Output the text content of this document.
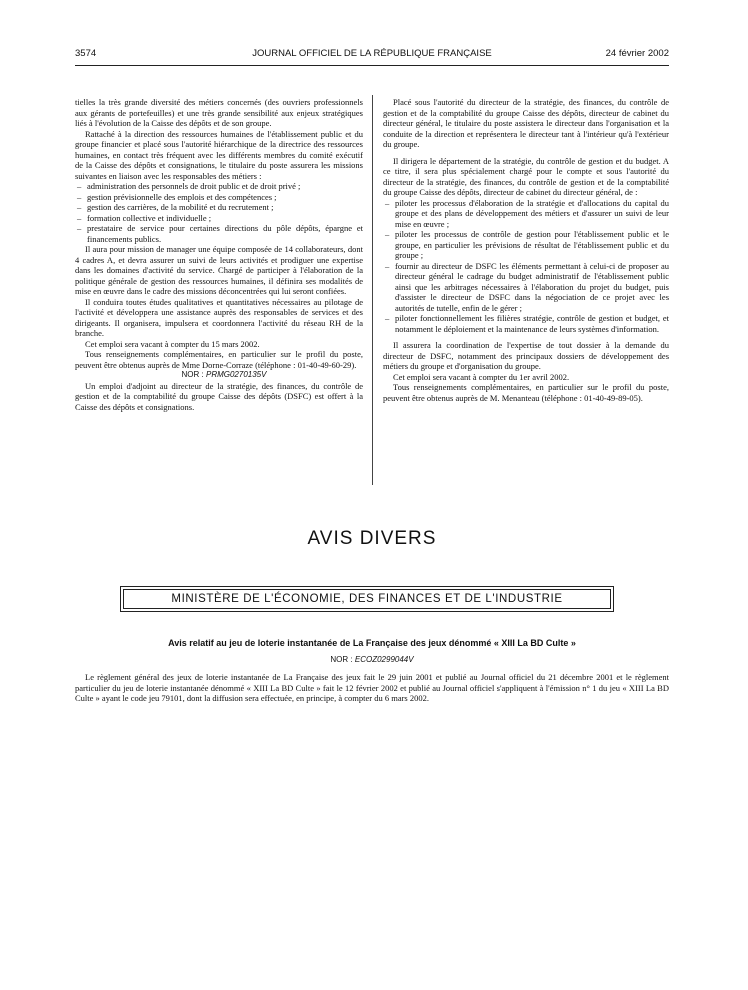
3574	JOURNAL OFFICIEL DE LA RÉPUBLIQUE FRANÇAISE	24 février 2002

tielles la très grande diversité des métiers concernés (des ouvriers professionnels aux gérants de portefeuilles) et une très grande sensibilité aux enjeux stratégiques liés à l'évolution de la Caisse des dépôts et de son groupe.

Rattaché à la direction des ressources humaines de l'établissement public et du groupe financier et placé sous l'autorité hiérarchique de la directrice des ressources humaines, en contact très fréquent avec les différents membres du comité exécutif de la Caisse des dépôts et consignations, le titulaire du poste assurera les missions suivantes en liaison avec les responsables des métiers :

– administration des personnels de droit public et de droit privé ;
– gestion prévisionnelle des emplois et des compétences ;
– gestion des carrières, de la mobilité et du recrutement ;
– formation collective et individuelle ;
– prestataire de service pour certaines directions du pôle dépôts, épargne et financements publics.

Il aura pour mission de manager une équipe composée de 14 collaborateurs, dont 4 cadres A, et devra assurer un suivi de leurs activités et prodiguer une expertise dans les domaines d'activité du service. Chargé de participer à l'élaboration de la politique générale de gestion des ressources humaines, il définira ses modalités de mise en œuvre dans le cadre des missions déconcentrées qui lui seront confiées.

Il conduira toutes études qualitatives et quantitatives nécessaires au pilotage de l'activité et développera une assistance auprès des responsables de services et des dirigeants. Il organisera, impulsera et coordonnera l'activité du réseau RH de la branche.

Cet emploi sera vacant à compter du 15 mars 2002.

Tous renseignements complémentaires, en particulier sur le profil du poste, peuvent être obtenus auprès de Mme Dorne-Corraze (téléphone : 01-40-49-60-29).

NOR : PRMG0270135V

Un emploi d'adjoint au directeur de la stratégie, des finances, du contrôle de gestion et de la comptabilité du groupe Caisse des dépôts (DSFC) est offert à la Caisse des dépôts et consignations.

Placé sous l'autorité du directeur de la stratégie, des finances, du contrôle de gestion et de la comptabilité du groupe Caisse des dépôts, directeur de cabinet du directeur général, le titulaire du poste assistera le directeur dans l'organisation et la conduite de la direction et représentera le directeur tant à l'intérieur qu'à l'extérieur du groupe.

Il dirigera le département de la stratégie, du contrôle de gestion et du budget. A ce titre, il sera plus spécialement chargé pour le compte et sous l'autorité du directeur de la stratégie, des finances, du contrôle de gestion et de la comptabilité du groupe Caisse des dépôts, directeur de cabinet du directeur général, de :

– piloter les processus d'élaboration de la stratégie et d'allocations du capital du groupe et des plans de développement des métiers et d'assurer un suivi de leur mise en œuvre ;
– piloter les processus de contrôle de gestion pour l'établissement public et le groupe, en particulier les prévisions de résultat de l'établissement public et du groupe ;
– fournir au directeur de DSFC les éléments permettant à celui-ci de proposer au directeur général le cadrage du budget administratif de l'établissement public ainsi que les arbitrages nécessaires à l'élaboration du projet du budget, puis d'assister le directeur de DSFC dans la négociation de ce projet avec les autorités de tutelle, enfin de le gérer ;
– piloter fonctionnellement les filières stratégie, contrôle de gestion et budget, et notamment le déploiement et la maintenance de leurs systèmes d'information.

Il assurera la coordination de l'expertise de tout dossier à la demande du directeur de DSFC, notamment des principaux dossiers de développement des métiers du groupe et d'organisation du groupe.

Cet emploi sera vacant à compter du 1er avril 2002.

Tous renseignements complémentaires, en particulier sur le profil du poste, peuvent être obtenus auprès de M. Menanteau (téléphone : 01-40-49-89-05).

AVIS DIVERS
MINISTÈRE DE L'ÉCONOMIE, DES FINANCES ET DE L'INDUSTRIE
Avis relatif au jeu de loterie instantanée de La Française des jeux dénommé « XIII La BD Culte »
NOR : ECOZ0299044V

Le règlement général des jeux de loterie instantanée de La Française des jeux fait le 29 juin 2001 et publié au Journal officiel du 21 décembre 2001 et le règlement particulier du jeu de loterie instantanée dénommé « XIII La BD Culte » fait le 12 février 2002 et publié au Journal officiel s'appliquent à l'émission n° 1 du jeu « XIII La BD Culte » ayant le code jeu 79101, dont la diffusion sera effectuée, en principe, à compter du 6 mars 2002.
